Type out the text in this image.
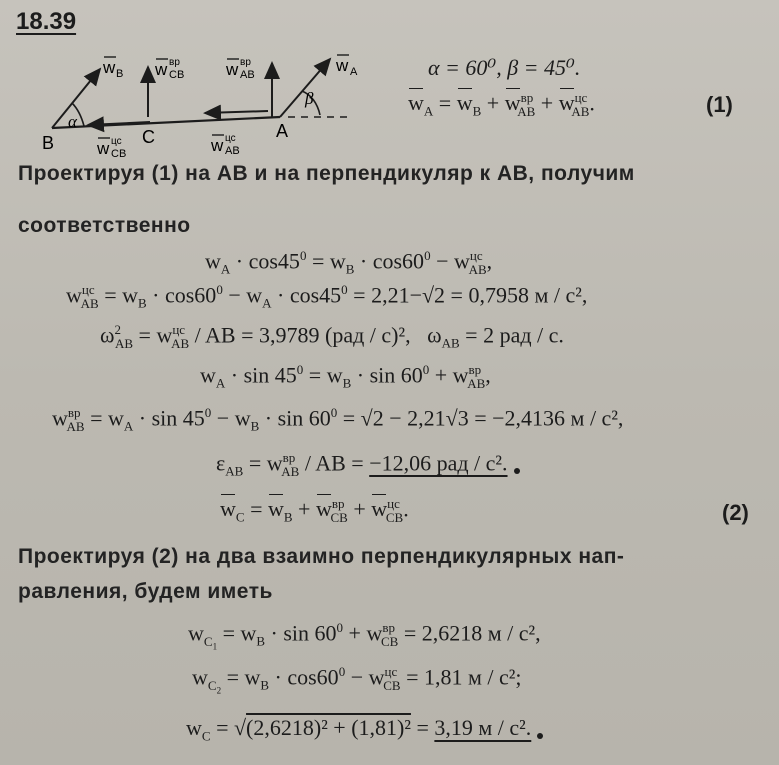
18.39
B	C	A
α
β
w B w вр
CB w вр
AB	w A
w цс
CB	w цс
AB
α = 60⁰, β = 45⁰.
$w_A = w_B + w^{вр}_{AB} + w^{цс}_{AB}$.	(1)
Проектируя (1) на AB и на перпендикуляр к AB, получим
соответственно
$w_A \cdot \cos 45^0 = w_B \cdot \cos 60^0 - w^{цс}_{AB}$,
$w^{цс}_{AB} = w_B \cdot \cos 60^0 - w_A \cdot \cos 45^0 = 2,21-√2 = 0,7958$ м / с²,
$\omega^2_{AB} = w^{цс}_{AB}$ / AB = 3,9789 (рад / с)²,   $\omega_{AB} = 2$ рад / с.
$w_A \cdot \sin 45^0 = w_B \cdot \sin 60^0 + w^{вр}_{AB}$,
$w^{вр}_{AB} = w_A \cdot \sin 45^0 - w_B \cdot \sin 60^0 = √2 - 2,21√3 = -2,4136$ м / с²,
$\varepsilon_{AB} = w^{вр}_{AB}$ / AB = −12,06 рад / с².
$w_C = w_B + w^{вр}_{CB} + w^{цс}_{CB}$.	(2)
Проектируя (2) на два взаимно перпендикулярных нап-
равления, будем иметь
$w_{C_1} = w_B \cdot \sin 60^0 + w^{вр}_{CB} = 2,6218$ м / с²,
$w_{C_2} = w_B \cdot \cos 60^0 - w^{цс}_{CB} = 1,81$ м / с²;
$w_C = √(2,6218)^2 + (1,81)^2 = 3,19$ м / с².
